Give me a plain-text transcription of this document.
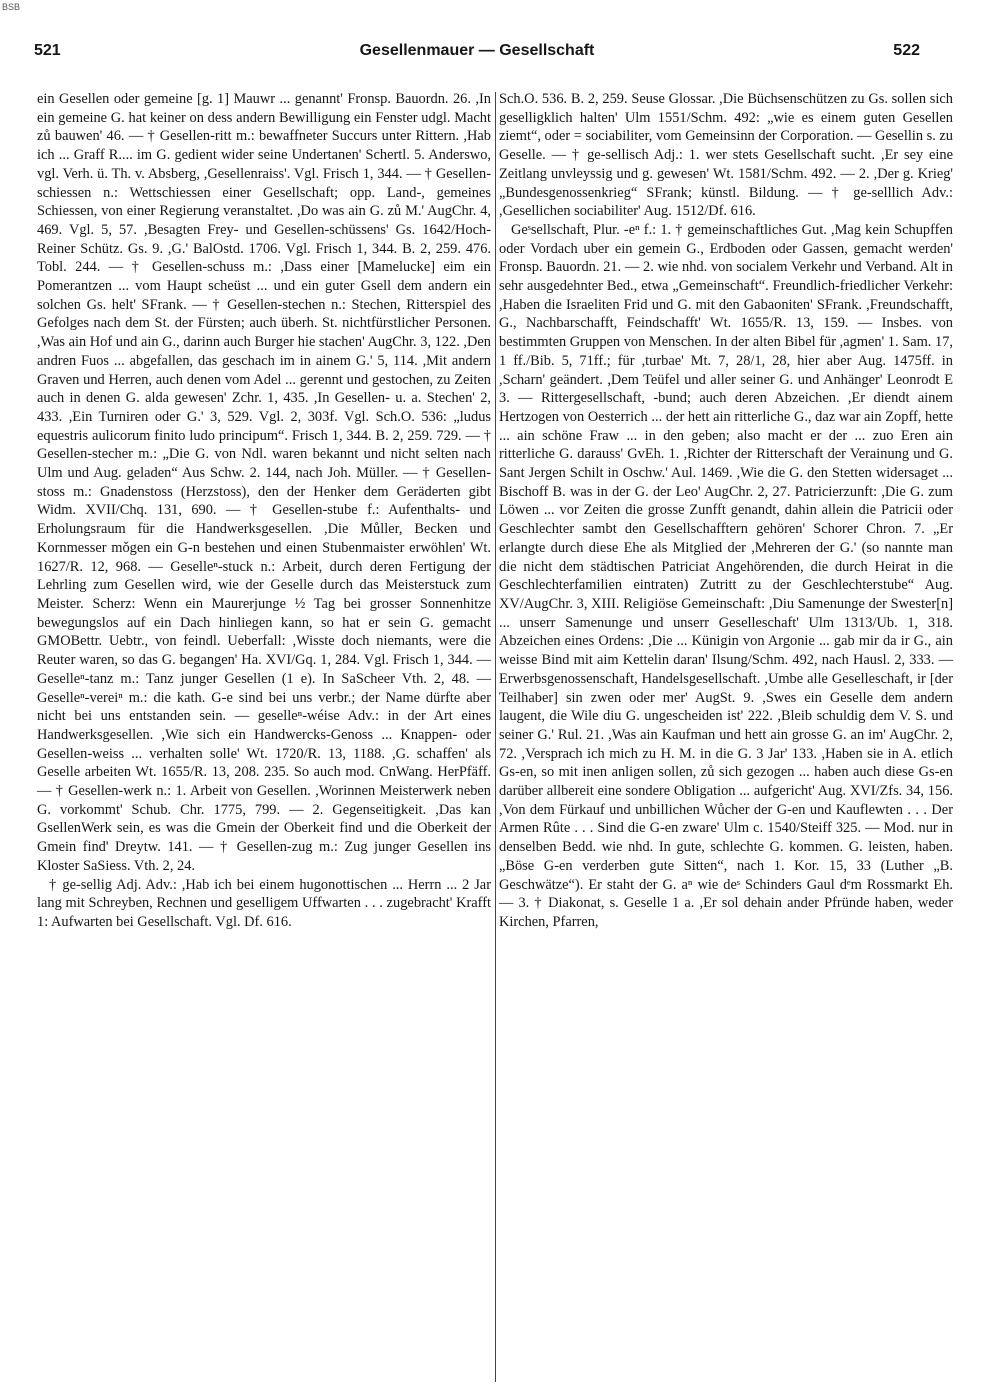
BSB
521	Gesellenmauer — Gesellschaft	522

ein Gesellen oder gemeine [g. 1] Mauwr ... genannt' Fronsp. Bauordn. 26. ,In ein gemeine G. hat keiner on dess andern Bewilligung ein Fenster udgl. Macht zů bauwen' 46. — † Gesellen-ritt m.: bewaffneter Succurs unter Rittern. ,Hab ich ... Graff R.... im G. gedient wider seine Undertanen' Schertl. 5. Anderswo, vgl. Verh. ü. Th. v. Absberg, ,Gesellenraiss'. Vgl. Frisch 1, 344. — † Gesellen-schiessen n.: Wettschiessen einer Gesellschaft; opp. Land-, gemeines Schiessen, von einer Regierung veranstaltet. ,Do was ain G. zů M.' AugChr. 4, 469. Vgl. 5, 57. ,Besagten Frey- und Gesellen-schüssens' Gs. 1642/Hoch-Reiner Schütz. Gs. 9. ,G.' BalOstd. 1706. Vgl. Frisch 1, 344. B. 2, 259. 476. Tobl. 244. — † Gesellen-schuss m.: ,Dass einer [Mameluckе] eim ein Pomerantzen ... vom Haupt scheüst ... und ein guter Gsell dem andern ein solchen Gs. helt' SFrank. — † Gesellen-stechen n.: Stechen, Ritterspiel des Gefolges nach dem St. der Fürsten; auch überh. St. nichtfürstlicher Personen. ,Was ain Hof und ain G., darinn auch Burger hie stachen' AugChr. 3, 122. ,Den andren Fuos ... abgefallen, das geschach im in ainem G.' 5, 114. ,Mit andern Graven und Herren, auch denen vom Adel ... gerennt und gestochen, zu Zeiten auch in denen G. alda gewesen' Zchr. 1, 435. ,In Gesellen- u. a. Stechen' 2, 433. ,Ein Turniren oder G.' 3, 529. Vgl. 2, 303f. Vgl. Sch.O. 536: „ludus equestris aulicorum finito ludo principum“. Frisch 1, 344. B. 2, 259. 729. — † Gesellen-stecher m.: „Die G. von Ndl. waren bekannt und nicht selten nach Ulm und Aug. geladen“ Aus Schw. 2. 144, nach Joh. Müller. — † Gesellen-stoss m.: Gnadenstoss (Herzstoss), den der Henker dem Geräderten gibt Widm. XVII/Chq. 131, 690. — † Gesellen-stube f.: Aufenthalts- und Erholungsraum für die Handwerksgesellen. ,Die Můller, Becken und Kornmesser mǒgen ein G-n bestehen und einen Stubenmaister erwöhlen' Wt. 1627/R. 12, 968. — Geselleⁿ-stuck n.: Arbeit, durch deren Fertigung der Lehrling zum Gesellen wird, wie der Geselle durch das Meisterstuck zum Meister. Scherz: Wenn ein Maurerjunge ½ Tag bei grosser Sonnenhitze bewegungslos auf ein Dach hinliegen kann, so hat er sein G. gemacht GMOBettr. Uebtr., von feindl. Ueberfall: ,Wisste doch niemants, were die Reuter waren, so das G. begangen' Ha. XVI/Gq. 1, 284. Vgl. Frisch 1, 344. — Geselleⁿ-tanz m.: Tanz junger Gesellen (1 e). In SaScheer Vth. 2, 48. — Geselleⁿ-vereiⁿ m.: die kath. G-e sind bei uns verbr.; der Name dürfte aber nicht bei uns entstanden sein. — geselleⁿ-wéise Adv.: in der Art eines Handwerksgesellen. ,Wie sich ein Handwercks-Genoss ... Knappen- oder Gesellen-weiss ... verhalten solle' Wt. 1720/R. 13, 1188. ,G. schaffen' als Geselle arbeiten Wt. 1655/R. 13, 208. 235. So auch mod. CnWang. HerPfäff. — † Gesellen-werk n.: 1. Arbeit von Gesellen. ,Worinnen Meisterwerk neben G. vorkommt' Schub. Chr. 1775, 799. — 2. Gegenseitigkeit. ,Das kan GsellenWerk sein, es was die Gmein der Oberkeit find und die Oberkeit der Gmein find' Dreytw. 141. — † Gesellen-zug m.: Zug junger Gesellen ins Kloster SaSiess. Vth. 2, 24.

† ge-sellig Adj. Adv.: ,Hab ich bei einem hugonottischen ... Herrn ... 2 Jar lang mit Schreyben, Rechnen und geselligem Uffwarten . . . zugebracht' Krafft 1: Aufwarten bei Gesellschaft. Vgl. Df. 616.

Sch.O. 536. B. 2, 259. Seuse Glossar. ,Die Büchsenschützen zu Gs. sollen sich geselligklich halten' Ulm 1551/Schm. 492: „wie es einem guten Gesellen ziemt“, oder = sociabiliter, vom Gemeinsinn der Corporation. — Gesellin s. zu Geselle. — † ge-sellisch Adj.: 1. wer stets Gesellschaft sucht. ,Er sey eine Zeitlang unvleyssig und g. gewesen' Wt. 1581/Schm. 492. — 2. ,Der g. Krieg' „Bundesgenossenkrieg“ SFrank; künstl. Bildung. — † ge-selllich Adv.: ,Gesellichen sociabiliter' Aug. 1512/Df. 616.

Geˢsellschaft, Plur. -eⁿ f.: 1. † gemeinschaftliches Gut. ,Mag kein Schupffen oder Vordach uber ein gemein G., Erdboden oder Gassen, gemacht werden' Fronsp. Bauordn. 21. — 2. wie nhd. von socialem Verkehr und Verband. Alt in sehr ausgedehnter Bed., etwa „Gemeinschaft“. Freundlich-friedlicher Verkehr: ,Haben die Israeliten Frid und G. mit den Gabaoniten' SFrank. ,Freundschafft, G., Nachbarschafft, Feindschafft' Wt. 1655/R. 13, 159. — Insbes. von bestimmten Gruppen von Menschen. In der alten Bibel für ,agmen' 1. Sam. 17, 1 ff./Bib. 5, 71ff.; für ,turbae' Mt. 7, 28/1, 28, hier aber Aug. 1475ff. in ,Scharn' geändert. ,Dem Teüfel und aller seiner G. und Anhänger' Leonrodt E 3. — Rittergesellschaft, -bund; auch deren Abzeichen. ,Er diendt ainem Hertzogen von Oesterrich ... der hett ain ritterliche G., daz war ain Zopff, hette ... ain schöne Fraw ... in den geben; also macht er der ... zuo Eren ain ritterliche G. darauss' GvEh. 1. ,Richter der Ritterschaft der Verainung und G. Sant Jergen Schilt in Oschw.' Aul. 1469. ,Wie die G. den Stetten widersaget ... Bischoff B. was in der G. der Leo' AugChr. 2, 27. Patricierzunft: ,Die G. zum Löwen ... vor Zeiten die grosse Zunfft genandt, dahin allein die Patricii oder Geschlechter sambt den Gesellschafftern gehören' Schorer Chron. 7. „Er erlangte durch diese Ehe als Mitglied der ,Mehreren der G.' (so nannte man die nicht dem städtischen Patriciat Angehörenden, die durch Heirat in die Geschlechterfamilien eintraten) Zutritt zu der Geschlechterstube“ Aug. XV/AugChr. 3, XIII. Religiöse Gemeinschaft: ,Diu Samenunge der Swester[n] ... unserr Samenunge und unserr Geselleschaft' Ulm 1313/Ub. 1, 318. Abzeichen eines Ordens: ,Die ... Künigin von Argonie ... gab mir da ir G., ain weisse Bind mit aim Kettelin daran' Ilsung/Schm. 492, nach Hausl. 2, 333. — Erwerbsgenossenschaft, Handelsgesellschaft. ,Umbe alle Geselleschaft, ir [der Teilhaber] sin zwen oder mer' AugSt. 9. ,Swes ein Geselle dem andern laugent, die Wile diu G. ungescheiden ist' 222. ,Bleib schuldig dem V. S. und seiner G.' Rul. 21. ,Was ain Kaufman und hett ain grosse G. an im' AugChr. 2, 72. ,Versprach ich mich zu H. M. in die G. 3 Jar' 133. ,Haben sie in A. etlich Gs-en, so mit inen anligen sollen, zů sich gezogen ... haben auch diese Gs-en darüber allbereit eine sondere Obligation ... aufgericht' Aug. XVI/Zfs. 34, 156. ,Von dem Fürkauf und unbillichen Wůcher der G-en und Kauflewten . . . Der Armen Rûte . . . Sind die G-en zware' Ulm c. 1540/Steiff 325. — Mod. nur in denselben Bedd. wie nhd. In gute, schlechte G. kommen. G. leisten, haben. „Böse G-en verderben gute Sitten“, nach 1. Kor. 15, 33 (Luther „B. Geschwätze“). Er staht der G. aⁿ wie deˢ Schinders Gaul dᵉm Rossmarkt Eh. — 3. † Diakonat, s. Geselle 1 a. ,Er sol dehain ander Pfründe haben, weder Kirchen, Pfarren,
